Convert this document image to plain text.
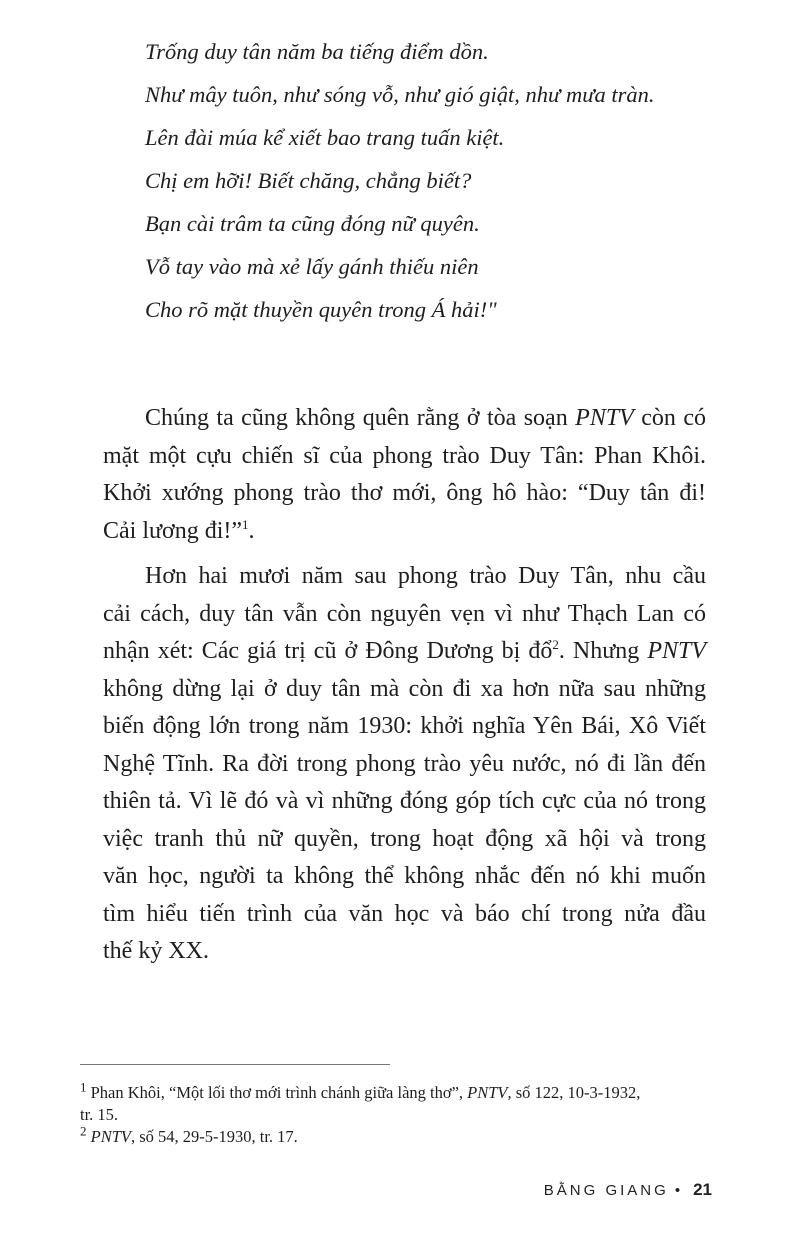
Trống duy tân năm ba tiếng điểm dồn.
Như mây tuôn, như sóng vỗ, như gió giật, như mưa tràn.
Lên đài múa kể xiết bao trang tuấn kiệt.
Chị em hỡi! Biết chăng, chẳng biết?
Bạn cài trâm ta cũng đóng nữ quyên.
Vỗ tay vào mà xẻ lấy gánh thiếu niên
Cho rõ mặt thuyền quyên trong Á hải!"
Chúng ta cũng không quên rằng ở tòa soạn PNTV còn có
mặt một cựu chiến sĩ của phong trào Duy Tân: Phan Khôi.
Khởi xướng phong trào thơ mới, ông hô hào: “Duy tân đi!
Cải lương đi!”$^1$.
Hơn hai mươi năm sau phong trào Duy Tân, nhu cầu
cải cách, duy tân vẫn còn nguyên vẹn vì như Thạch Lan có
nhận xét: Các giá trị cũ ở Đông Dương bị đổ$^2$. Nhưng PNTV
không dừng lại ở duy tân mà còn đi xa hơn nữa sau những
biến động lớn trong năm 1930: khởi nghĩa Yên Bái, Xô Viết
Nghệ Tĩnh. Ra đời trong phong trào yêu nước, nó đi lần đến
thiên tả. Vì lẽ đó và vì những đóng góp tích cực của nó trong
việc tranh thủ nữ quyền, trong hoạt động xã hội và trong
văn học, người ta không thể không nhắc đến nó khi muốn
tìm hiểu tiến trình của văn học và báo chí trong nửa đầu
thế kỷ XX.
$^1$ Phan Khôi, “Một lối thơ mới trình chánh giữa làng thơ”, PNTV, số 122, 10-3-1932,
tr. 15.
$^2$ PNTV, số 54, 29-5-1930, tr. 17.
BẰNG GIANG • 21
